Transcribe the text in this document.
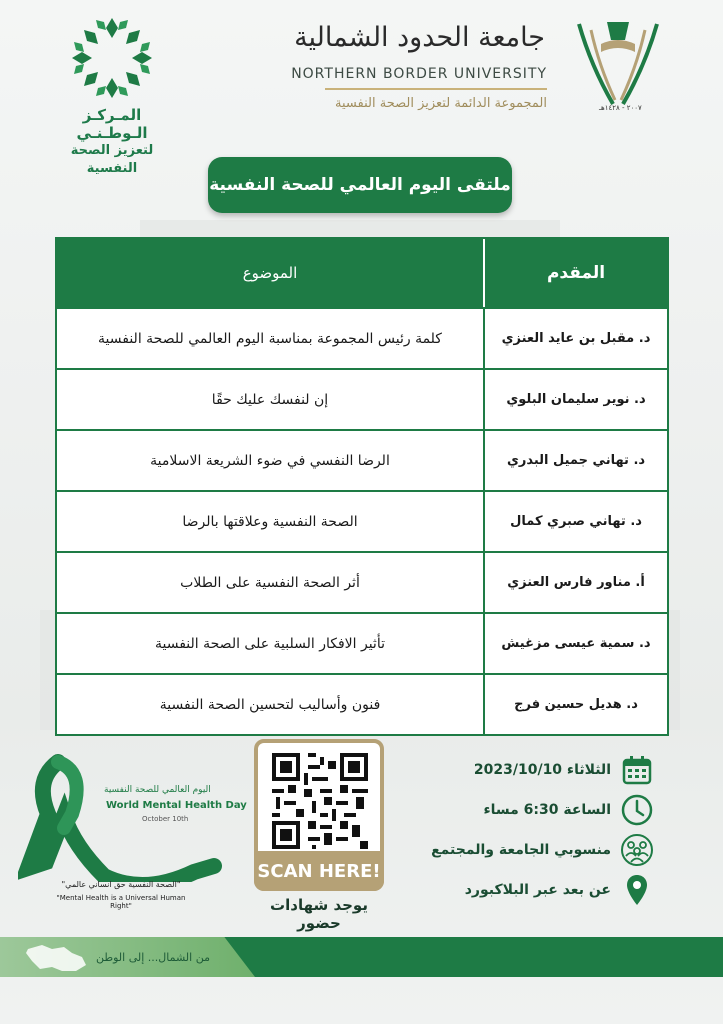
المـركـز الـوطـنـي
لتعزيز الصحة النفسية
جامعة الحدود الشمالية
NORTHERN BORDER UNIVERSITY
المجموعة الدائمة لتعزيز الصحة النفسية	٢٠٠٧ - ١٤٢٨هـ
ملتقى اليوم العالمي للصحة النفسية
المقدم
الموضوع
د. مقبل بن عايد العنزي
كلمة رئيس المجموعة بمناسبة اليوم العالمي للصحة النفسية
د. نوير سليمان البلوي
إن لنفسك عليك حقًا
د. تهاني جميل البدري
الرضا النفسي في ضوء الشريعة الاسلامية
د. تهاني صبري كمال
الصحة النفسية وعلاقتها بالرضا
أ. مناور فارس العنزي
أثر الصحة النفسية على الطلاب
د. سمية عيسى مزغيش
تأثير الافكار السلبية على الصحة النفسية
د. هديل حسين فرج
فنون وأساليب لتحسين الصحة النفسية
اليوم العالمي للصحة النفسية
World Mental Health Day
October 10th
"الصحة النفسية حق انساني عالمي"
"Mental Health is a Universal Human Right"
SCAN HERE!
يوجد شهادات حضور
الثلاثاء 2023/10/10
الساعة 6:30 مساء
منسوبي الجامعة والمجتمع
عن بعد عبر البلاكبورد
من الشمال... إلى الوطن
